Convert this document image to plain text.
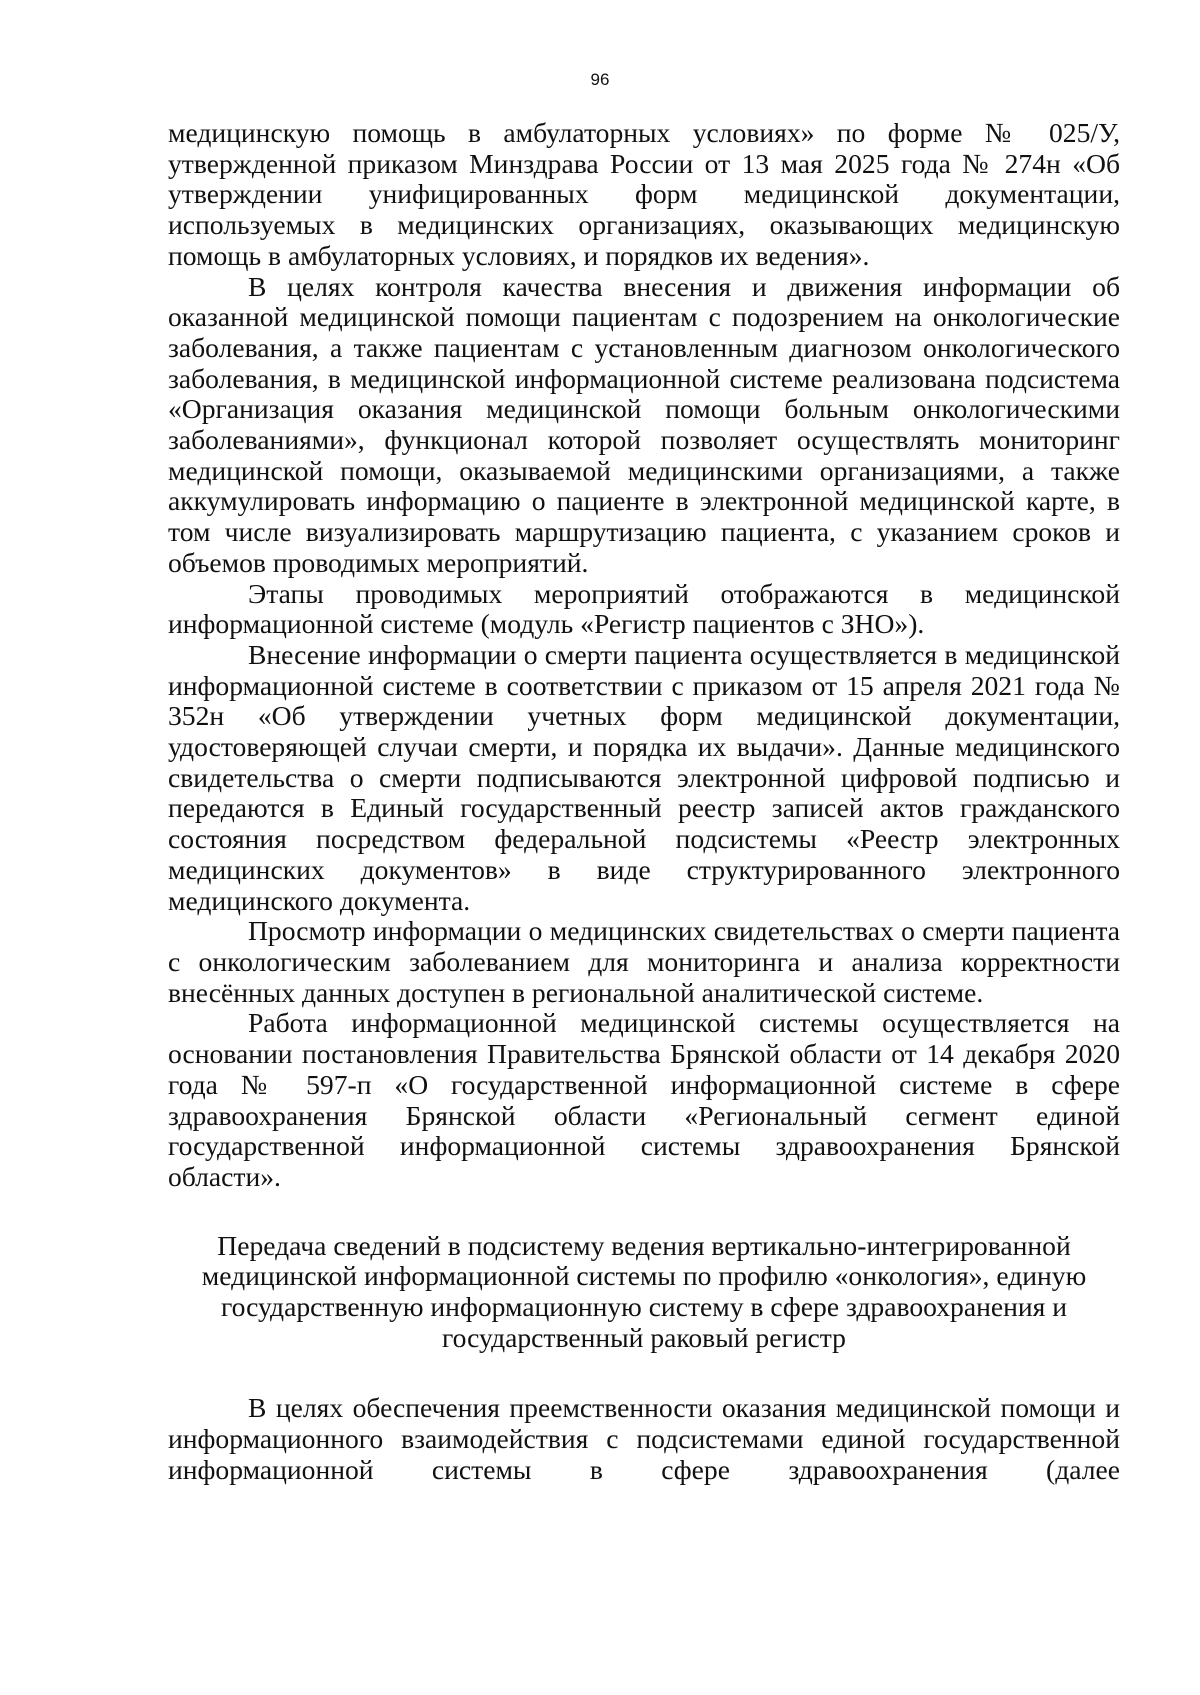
96

медицинскую помощь в амбулаторных условиях» по форме № 025/У, утвержденной приказом Минздрава России от 13 мая 2025 года № 274н «Об утверждении унифицированных форм медицинской документации, используемых в медицинских организациях, оказывающих медицинскую помощь в амбулаторных условиях, и порядков их ведения».

В целях контроля качества внесения и движения информации об оказанной медицинской помощи пациентам с подозрением на онкологические заболевания, а также пациентам с установленным диагнозом онкологического заболевания, в медицинской информационной системе реализована подсистема «Организация оказания медицинской помощи больным онкологическими заболеваниями», функционал которой позволяет осуществлять мониторинг медицинской помощи, оказываемой медицинскими организациями, а также аккумулировать информацию о пациенте в электронной медицинской карте, в том числе визуализировать маршрутизацию пациента, с указанием сроков и объемов проводимых мероприятий.

Этапы проводимых мероприятий отображаются в медицинской информационной системе (модуль «Регистр пациентов с ЗНО»).

Внесение информации о смерти пациента осуществляется в медицинской информационной системе в соответствии с приказом от 15 апреля 2021 года № 352н «Об утверждении учетных форм медицинской документации, удостоверяющей случаи смерти, и порядка их выдачи». Данные медицинского свидетельства о смерти подписываются электронной цифровой подписью и передаются в Единый государственный реестр записей актов гражданского состояния посредством федеральной подсистемы «Реестр электронных медицинских документов» в виде структурированного электронного медицинского документа.

Просмотр информации о медицинских свидетельствах о смерти пациента с онкологическим заболеванием для мониторинга и анализа корректности внесённых данных доступен в региональной аналитической системе.

Работа информационной медицинской системы осуществляется на основании постановления Правительства Брянской области от 14 декабря 2020 года № 597-п «О государственной информационной системе в сфере здравоохранения Брянской области «Региональный сегмент единой государственной информационной системы здравоохранения Брянской области».

Передача сведений в подсистему ведения вертикально-интегрированной медицинской информационной системы по профилю «онкология», единую государственную информационную систему в сфере здравоохранения и государственный раковый регистр

В целях обеспечения преемственности оказания медицинской помощи и информационного взаимодействия с подсистемами единой государственной информационной системы в сфере здравоохранения (далее
